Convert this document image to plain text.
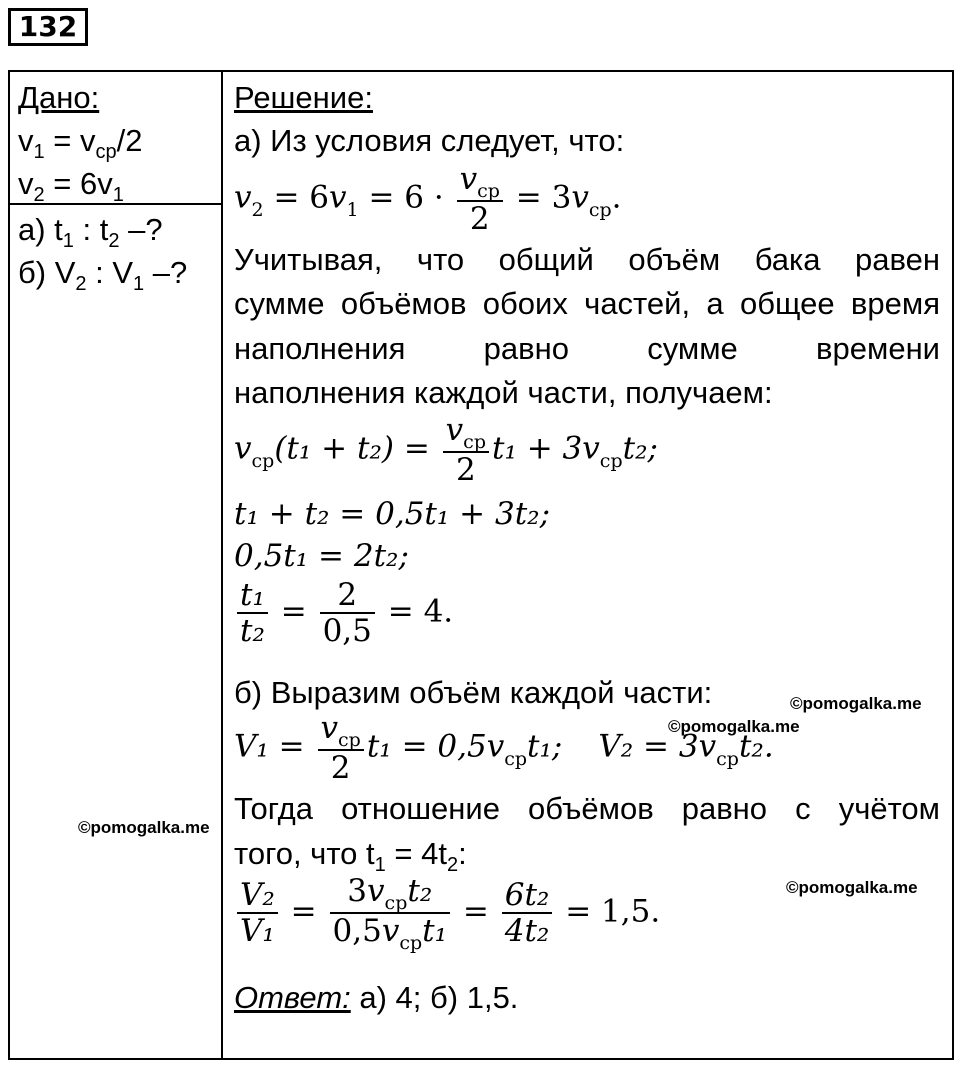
132
Дано:
$v_1 = v_{ср}/2$
$v_2 = 6v_1$
а) $t_1$ : $t_2$ –?
б) $V_2$ : $V_1$ –?
Решение:
а) Из условия следует, что:
$v_2 = 6v_1 = 6 \cdot \frac{v_{ср}}{2} = 3v_{ср}$.
Учитывая, что общий объём бака равен
сумме объёмов обоих частей, а общее время
наполнения равно сумме времени
наполнения каждой части, получаем:
$v_{ср}(t_1 + t_2) = \frac{v_{ср}}{2} t_1 + 3v_{ср}t_2$;
t₁ + t₂ = 0,5t₁ + 3t₂;
0,5t₁ = 2t₂;
$\frac{\text{t₁}}{\text{t₂}} = \frac{2}{0,5} = 4$.
б) Выразим объём каждой части:
$V_1 = \frac{v_{ср}}{2} t_1 = 0,5v_{ср}t_1$; $V_2 = 3v_{ср}t_2$.
Тогда отношение объёмов равно с учётом
того, что $t_1 = 4t_2$:
$\frac{\text{V₂}}{\text{V₁}} = \frac{3v_{ср}t_2}{0,5v_{ср}t_1} = \frac{\text{6t₂}}{\text{4t₂}} = 1,5$.
Ответ: а) 4; б) 1,5.
©pomogalka.me
©pomogalka.me
©pomogalka.me
©pomogalka.me
